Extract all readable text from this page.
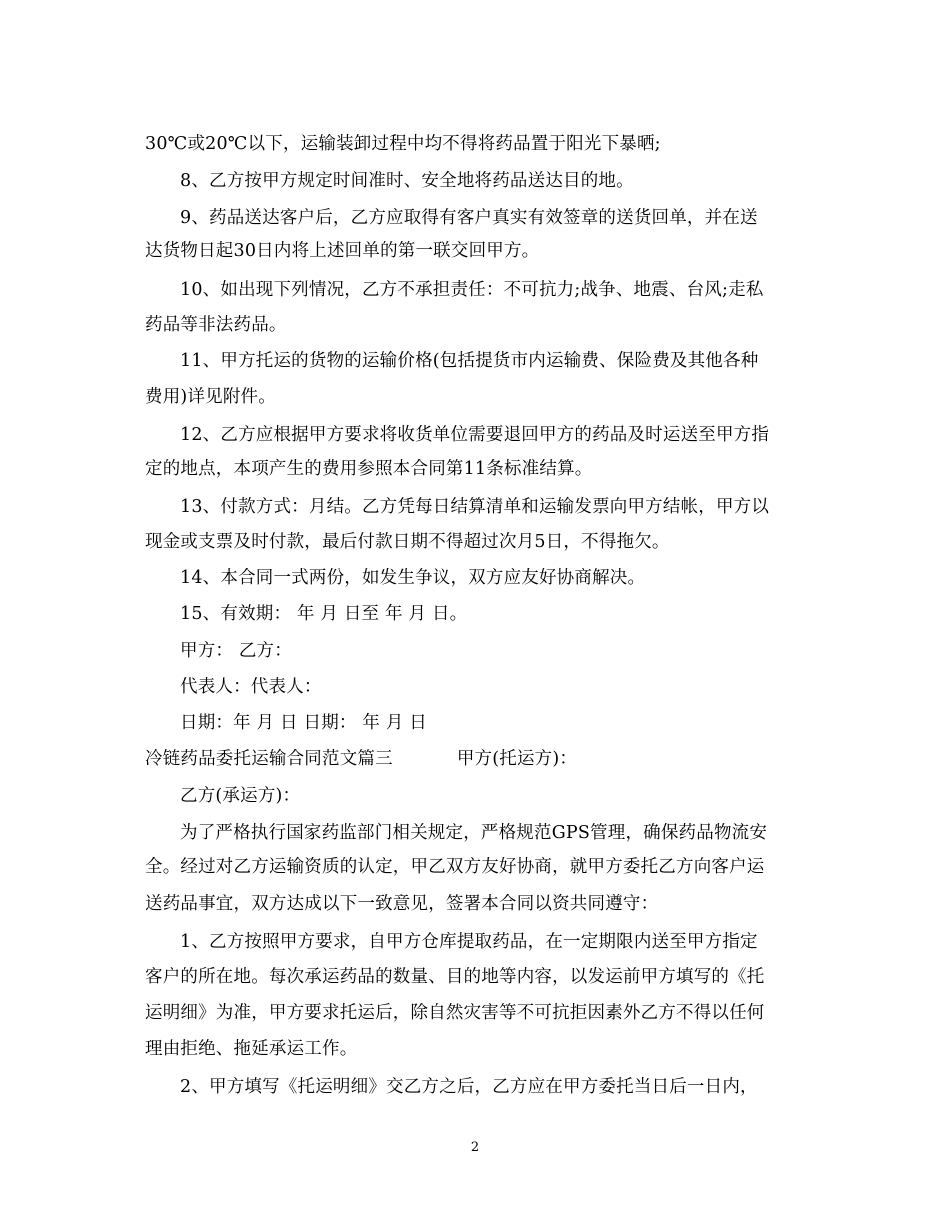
30℃或20℃以下，运输装卸过程中均不得将药品置于阳光下暴晒;
8、乙方按甲方规定时间准时、安全地将药品送达目的地。
9、药品送达客户后，乙方应取得有客户真实有效签章的送货回单，并在送
达货物日起30日内将上述回单的第一联交回甲方。
10、如出现下列情况，乙方不承担责任：不可抗力;战争、地震、台风;走私
药品等非法药品。
11、甲方托运的货物的运输价格(包括提货市内运输费、保险费及其他各种
费用)详见附件。
12、乙方应根据甲方要求将收货单位需要退回甲方的药品及时运送至甲方指
定的地点，本项产生的费用参照本合同第11条标准结算。
13、付款方式：月结。乙方凭每日结算清单和运输发票向甲方结帐，甲方以
现金或支票及时付款，最后付款日期不得超过次月5日，不得拖欠。
14、本合同一式两份，如发生争议，双方应友好协商解决。
15、有效期： 年 月 日至 年 月 日。
甲方： 乙方：
代表人：代表人：
日期：年 月 日 日期： 年 月 日
冷链药品委托运输合同范文篇三	甲方(托运方)：
乙方(承运方)：
为了严格执行国家药监部门相关规定，严格规范GPS管理，确保药品物流安
全。经过对乙方运输资质的认定，甲乙双方友好协商，就甲方委托乙方向客户运
送药品事宜，双方达成以下一致意见，签署本合同以资共同遵守：
1、乙方按照甲方要求，自甲方仓库提取药品，在一定期限内送至甲方指定
客户的所在地。每次承运药品的数量、目的地等内容，以发运前甲方填写的《托
运明细》为准，甲方要求托运后，除自然灾害等不可抗拒因素外乙方不得以任何
理由拒绝、拖延承运工作。
2、甲方填写《托运明细》交乙方之后，乙方应在甲方委托当日后一日内，
2
